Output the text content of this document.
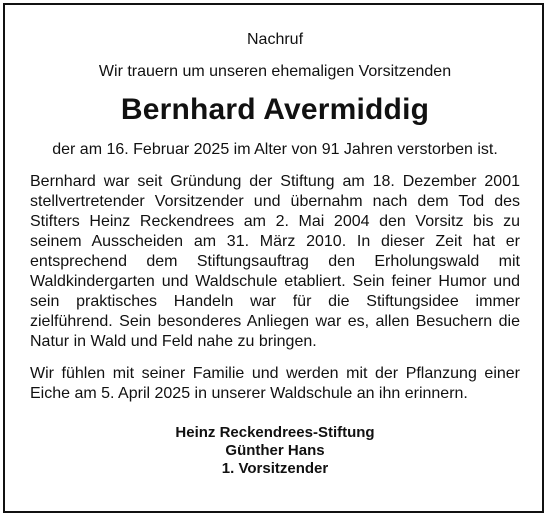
Nachruf

Wir trauern um unseren ehemaligen Vorsitzenden

Bernhard Avermiddig

der am 16. Februar 2025 im Alter von 91 Jahren verstorben ist.

Bernhard war seit Gründung der Stiftung am 18. Dezember 2001 stellvertretender Vorsitzender und übernahm nach dem Tod des Stifters Heinz Reckendrees am 2. Mai 2004 den Vorsitz bis zu seinem Ausscheiden am 31. März 2010. In dieser Zeit hat er entsprechend dem Stiftungsauftrag den Erholungswald mit Waldkindergarten und Waldschule etabliert. Sein feiner Humor und sein praktisches Handeln war für die Stiftungsidee immer zielführend. Sein besonderes Anliegen war es, allen Besuchern die Natur in Wald und Feld nahe zu bringen.

Wir fühlen mit seiner Familie und werden mit der Pflanzung einer Eiche am 5. April 2025 in unserer Waldschule an ihn erinnern.

Heinz Reckendrees-Stiftung
Günther Hans
1. Vorsitzender
